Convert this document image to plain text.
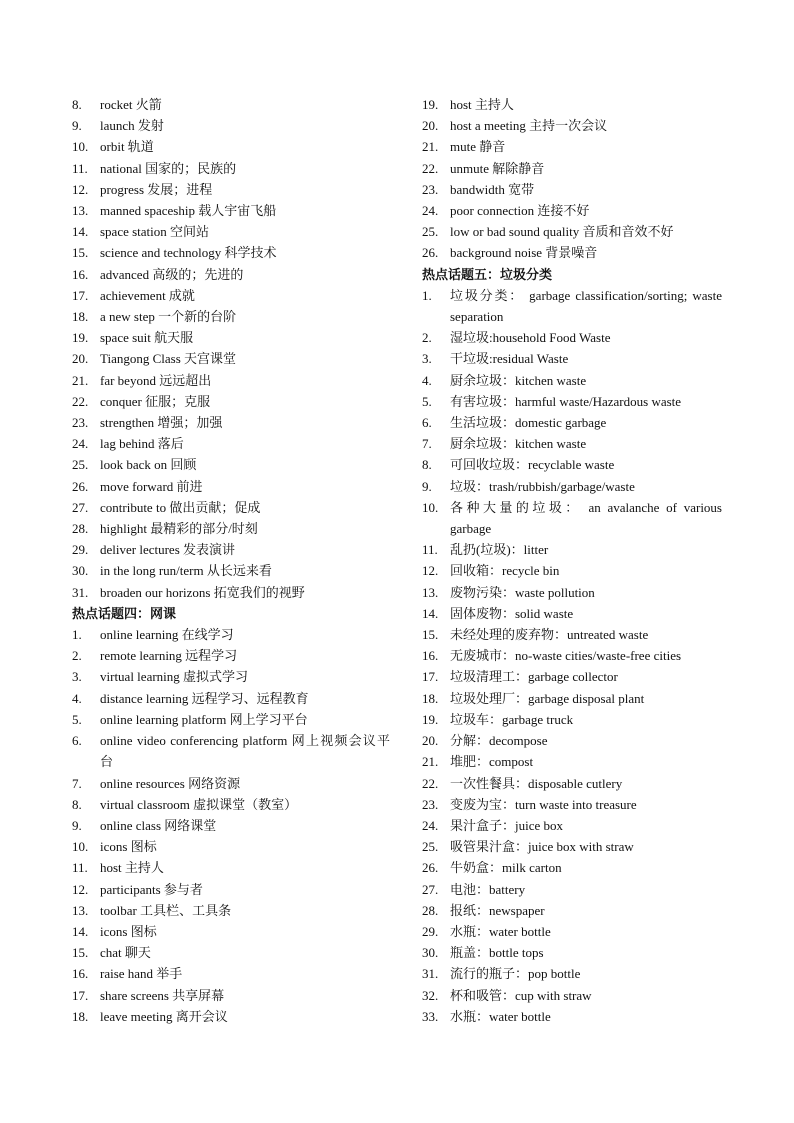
8.	rocket 火箭
9.	launch 发射
10. orbit 轨道
11. national 国家的；民族的
12. progress 发展；进程
13. manned spaceship 载人宇宙飞船
14. space station 空间站
15. science and technology 科学技术
16. advanced 高级的；先进的
17. achievement 成就
18. a new step 一个新的台阶
19. space suit 航天服
20. Tiangong Class 天宫课堂
21. far beyond 远远超出
22. conquer 征服；克服
23. strengthen 增强；加强
24. lag behind 落后
25. look back on 回顾
26. move forward 前进
27. contribute to 做出贡献；促成
28. highlight 最精彩的部分/时刻
29. deliver lectures 发表演讲
30. in the long run/term 从长远来看
31. broaden our horizons 拓宽我们的视野
热点话题四：网课
1.	online learning 在线学习
2.	remote learning 远程学习
3.	virtual learning 虚拟式学习
4.	distance learning 远程学习、远程教育
5.	online learning platform 网上学习平台
6.	online video conferencing platform 网上视频会议平台
7.	online resources 网络资源
8.	virtual classroom 虚拟课堂（教室）
9.	online class 网络课堂
10. icons 图标
11. host 主持人
12. participants 参与者
13. toolbar 工具栏、工具条
14. icons 图标
15. chat 聊天
16. raise hand 举手
17. share screens 共享屏幕
18. leave meeting 离开会议
19. host 主持人
20. host a meeting 主持一次会议
21. mute 静音
22. unmute 解除静音
23. bandwidth 宽带
24. poor connection 连接不好
25. low or bad sound quality 音质和音效不好
26. background noise 背景噪音
热点话题五：垃圾分类
1.	垃圾分类： garbage classification/sorting; waste separation
2.	湿垃圾:household Food Waste
3.	干垃圾:residual Waste
4.	厨余垃圾：kitchen waste
5.	有害垃圾：harmful waste/Hazardous waste
6.	生活垃圾：domestic garbage
7.	厨余垃圾：kitchen waste
8.	可回收垃圾：recyclable waste
9.	垃圾：trash/rubbish/garbage/waste
10. 各种大量的垃圾： an avalanche of various garbage
11. 乱扔(垃圾)：litter
12. 回收箱：recycle bin
13. 废物污染：waste pollution
14. 固体废物：solid waste
15. 未经处理的废弃物：untreated waste
16. 无废城市：no-waste cities/waste-free cities
17. 垃圾清理工：garbage collector
18. 垃圾处理厂：garbage disposal plant
19. 垃圾车：garbage truck
20. 分解：decompose
21. 堆肥：compost
22. 一次性餐具：disposable cutlery
23. 变废为宝：turn waste into treasure
24. 果汁盒子：juice box
25. 吸管果汁盒：juice box with straw
26. 牛奶盒：milk carton
27. 电池：battery
28. 报纸：newspaper
29. 水瓶：water bottle
30. 瓶盖：bottle tops
31. 流行的瓶子：pop bottle
32. 杯和吸管：cup with straw
33. 水瓶：water bottle
